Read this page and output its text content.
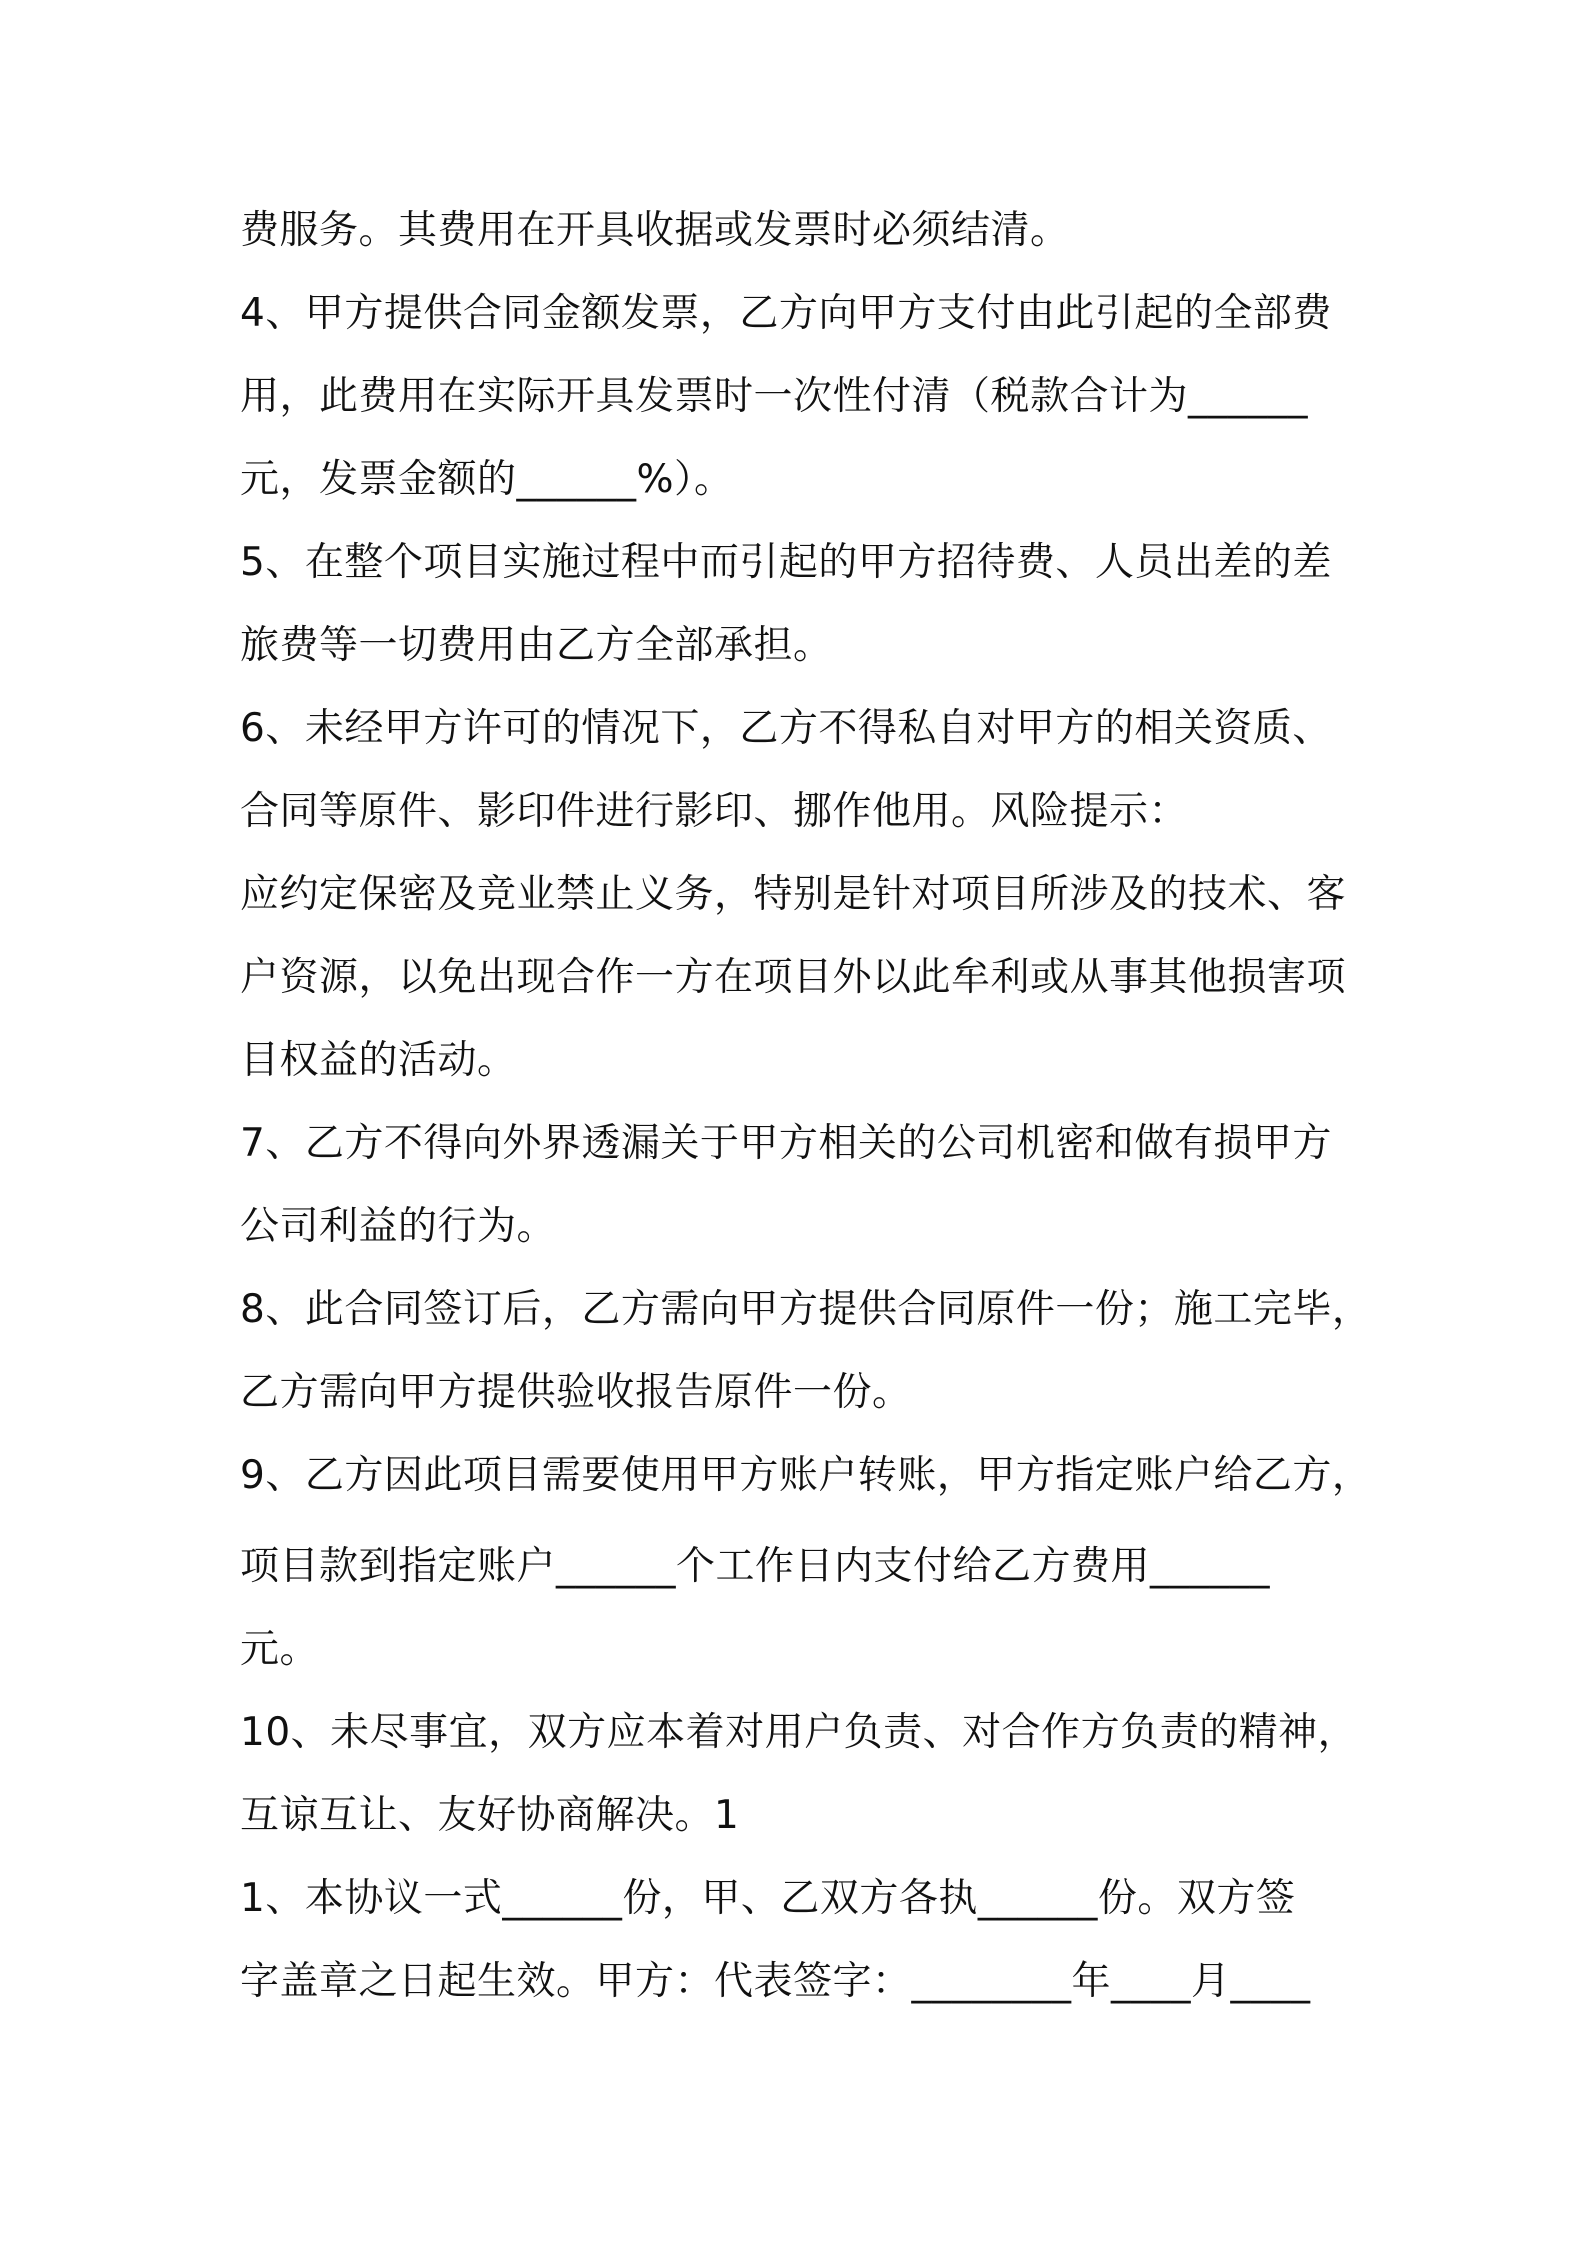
费服务。其费用在开具收据或发票时必须结清。
4、甲方提供合同金额发票，乙方向甲方支付由此引起的全部费
用，此费用在实际开具发票时一次性付清（税款合计为______
元，发票金额的______%）。
5、在整个项目实施过程中而引起的甲方招待费、人员出差的差
旅费等一切费用由乙方全部承担。
6、未经甲方许可的情况下，乙方不得私自对甲方的相关资质、
合同等原件、影印件进行影印、挪作他用。风险提示：
应约定保密及竞业禁止义务，特别是针对项目所涉及的技术、客
户资源，以免出现合作一方在项目外以此牟利或从事其他损害项
目权益的活动。
7、乙方不得向外界透漏关于甲方相关的公司机密和做有损甲方
公司利益的行为。
8、此合同签订后，乙方需向甲方提供合同原件一份；施工完毕，
乙方需向甲方提供验收报告原件一份。
9、乙方因此项目需要使用甲方账户转账，甲方指定账户给乙方，
项目款到指定账户______个工作日内支付给乙方费用______
元。
10、未尽事宜，双方应本着对用户负责、对合作方负责的精神，
互谅互让、友好协商解决。1
1、本协议一式______份，甲、乙双方各执______份。双方签
字盖章之日起生效。甲方：代表签字：________年____月____
